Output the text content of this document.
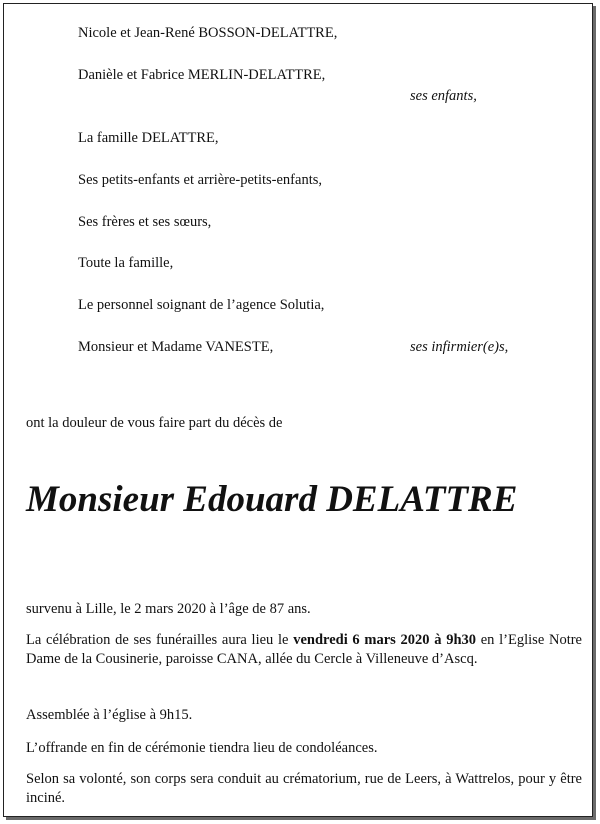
Nicole et Jean-René BOSSON-DELATTRE,
Danièle et Fabrice MERLIN-DELATTRE,
ses enfants,
La famille DELATTRE,
Ses petits-enfants et arrière-petits-enfants,
Ses frères et ses sœurs,
Toute la famille,
Le personnel soignant de l’agence Solutia,
Monsieur et Madame VANESTE,	ses infirmier(e)s,
ont la douleur de vous faire part du décès de
Monsieur Edouard DELATTRE
survenu à Lille, le 2 mars 2020 à l’âge de 87 ans.
La célébration de ses funérailles aura lieu le vendredi 6 mars 2020 à 9h30 en l’Eglise Notre Dame de la Cousinerie, paroisse CANA, allée du Cercle à Villeneuve d’Ascq.
Assemblée à l’église à 9h15.
L’offrande en fin de cérémonie tiendra lieu de condoléances.
Selon sa volonté, son corps sera conduit au crématorium, rue de Leers, à Wattrelos, pour y être inciné.
